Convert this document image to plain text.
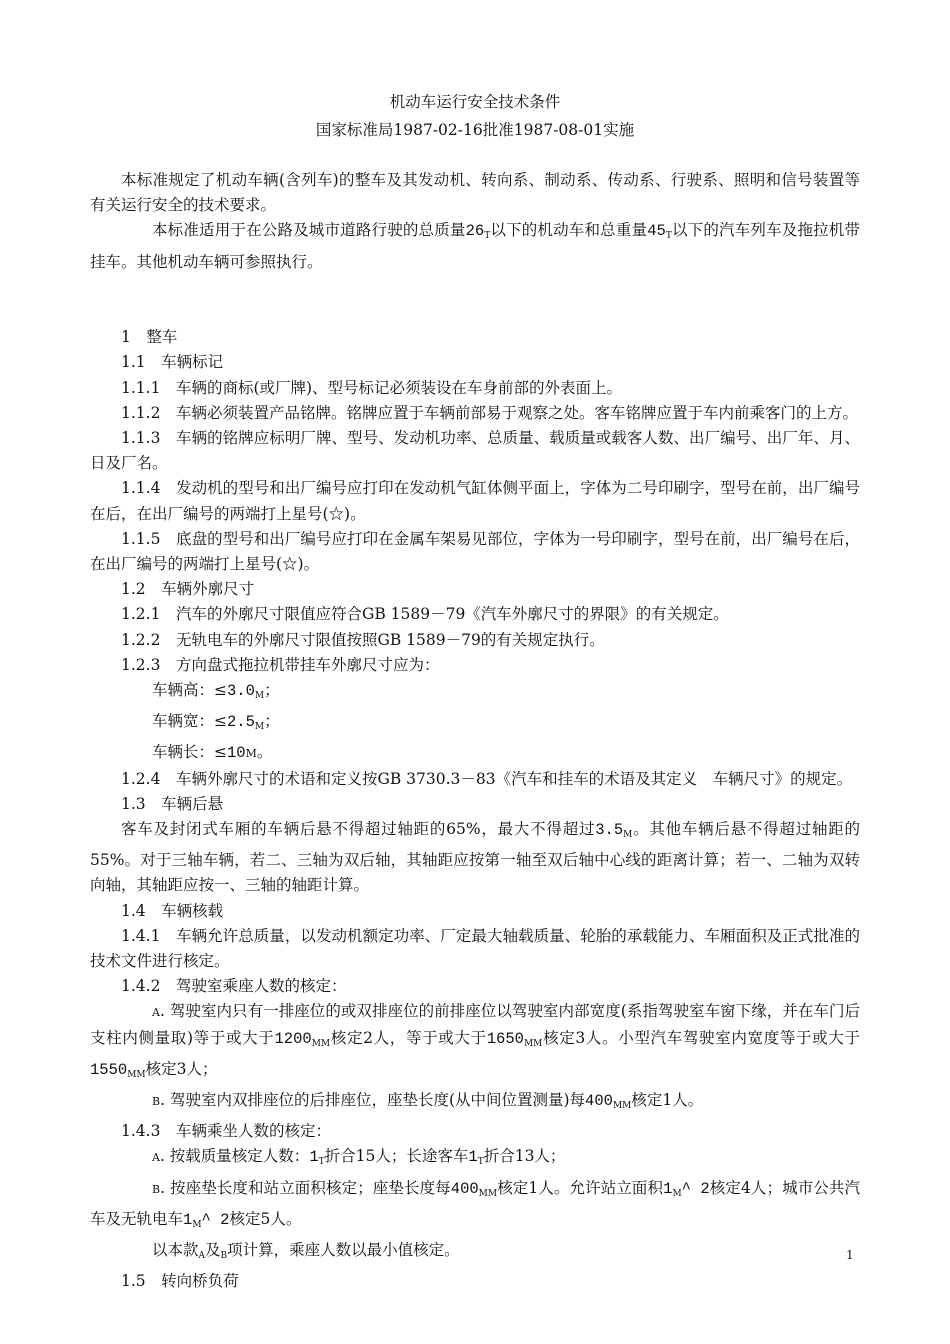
机动车运行安全技术条件
国家标准局1987-02-16批准1987-08-01实施

本标准规定了机动车辆(含列车)的整车及其发动机、转向系、制动系、传动系、行驶系、照明和信号装置等有关运行安全的技术要求。

本标准适用于在公路及城市道路行驶的总质量$26_T$以下的机动车和总重量$45_T$以下的汽车列车及拖拉机带挂车。其他机动车辆可参照执行。

1　整车

1.1　车辆标记

1.1.1　车辆的商标(或厂牌)、型号标记必须装设在车身前部的外表面上。

1.1.2　车辆必须装置产品铭牌。铭牌应置于车辆前部易于观察之处。客车铭牌应置于车内前乘客门的上方。

1.1.3　车辆的铭牌应标明厂牌、型号、发动机功率、总质量、载质量或载客人数、出厂编号、出厂年、月、日及厂名。

1.1.4　发动机的型号和出厂编号应打印在发动机气缸体侧平面上，字体为二号印刷字，型号在前，出厂编号在后，在出厂编号的两端打上星号(☆)。

1.1.5　底盘的型号和出厂编号应打印在金属车架易见部位，字体为一号印刷字，型号在前，出厂编号在后，在出厂编号的两端打上星号(☆)。

1.2　车辆外廓尺寸

1.2.1　汽车的外廓尺寸限值应符合GB 1589－79《汽车外廓尺寸的界限》的有关规定。

1.2.2　无轨电车的外廓尺寸限值按照GB 1589－79的有关规定执行。

1.2.3　方向盘式拖拉机带挂车外廓尺寸应为：

车辆高：$\le 3.0_M$；

车辆宽：$\le 2.5_M$；

车辆长：≤10M。

1.2.4　车辆外廓尺寸的术语和定义按GB 3730.3－83《汽车和挂车的术语及其定义　车辆尺寸》的规定。

1.3　车辆后悬

客车及封闭式车厢的车辆后悬不得超过轴距的65%，最大不得超过$3.5_M$。其他车辆后悬不得超过轴距的55%。对于三轴车辆，若二、三轴为双后轴，其轴距应按第一轴至双后轴中心线的距离计算；若一、二轴为双转向轴，其轴距应按一、三轴的轴距计算。

1.4　车辆核载

1.4.1　车辆允许总质量，以发动机额定功率、厂定最大轴载质量、轮胎的承载能力、车厢面积及正式批准的技术文件进行核定。

1.4.2　驾驶室乘座人数的核定：

A. 驾驶室内只有一排座位的或双排座位的前排座位以驾驶室内部宽度(系指驾驶室车窗下缘，并在车门后支柱内侧量取)等于或大于$1200_{MM}$核定2人，等于或大于$1650_{MM}$核定3人。小型汽车驾驶室内宽度等于或大于$1550_{MM}$核定3人；

B. 驾驶室内双排座位的后排座位，座垫长度(从中间位置测量)每$400_{MM}$核定1人。

1.4.3　车辆乘坐人数的核定：

A. 按载质量核定人数：$1_T$折合15人；长途客车$1_T$折合13人；

B. 按座垫长度和站立面积核定；座垫长度每$400_{MM}$核定1人。允许站立面积$1_M\^{}$ 2核定4人；城市公共汽车及无轨电车$1_M\^{}$ 2核定5人。

以本款$_A$及$_B$项计算，乘座人数以最小值核定。

1.5　转向桥负荷

1
